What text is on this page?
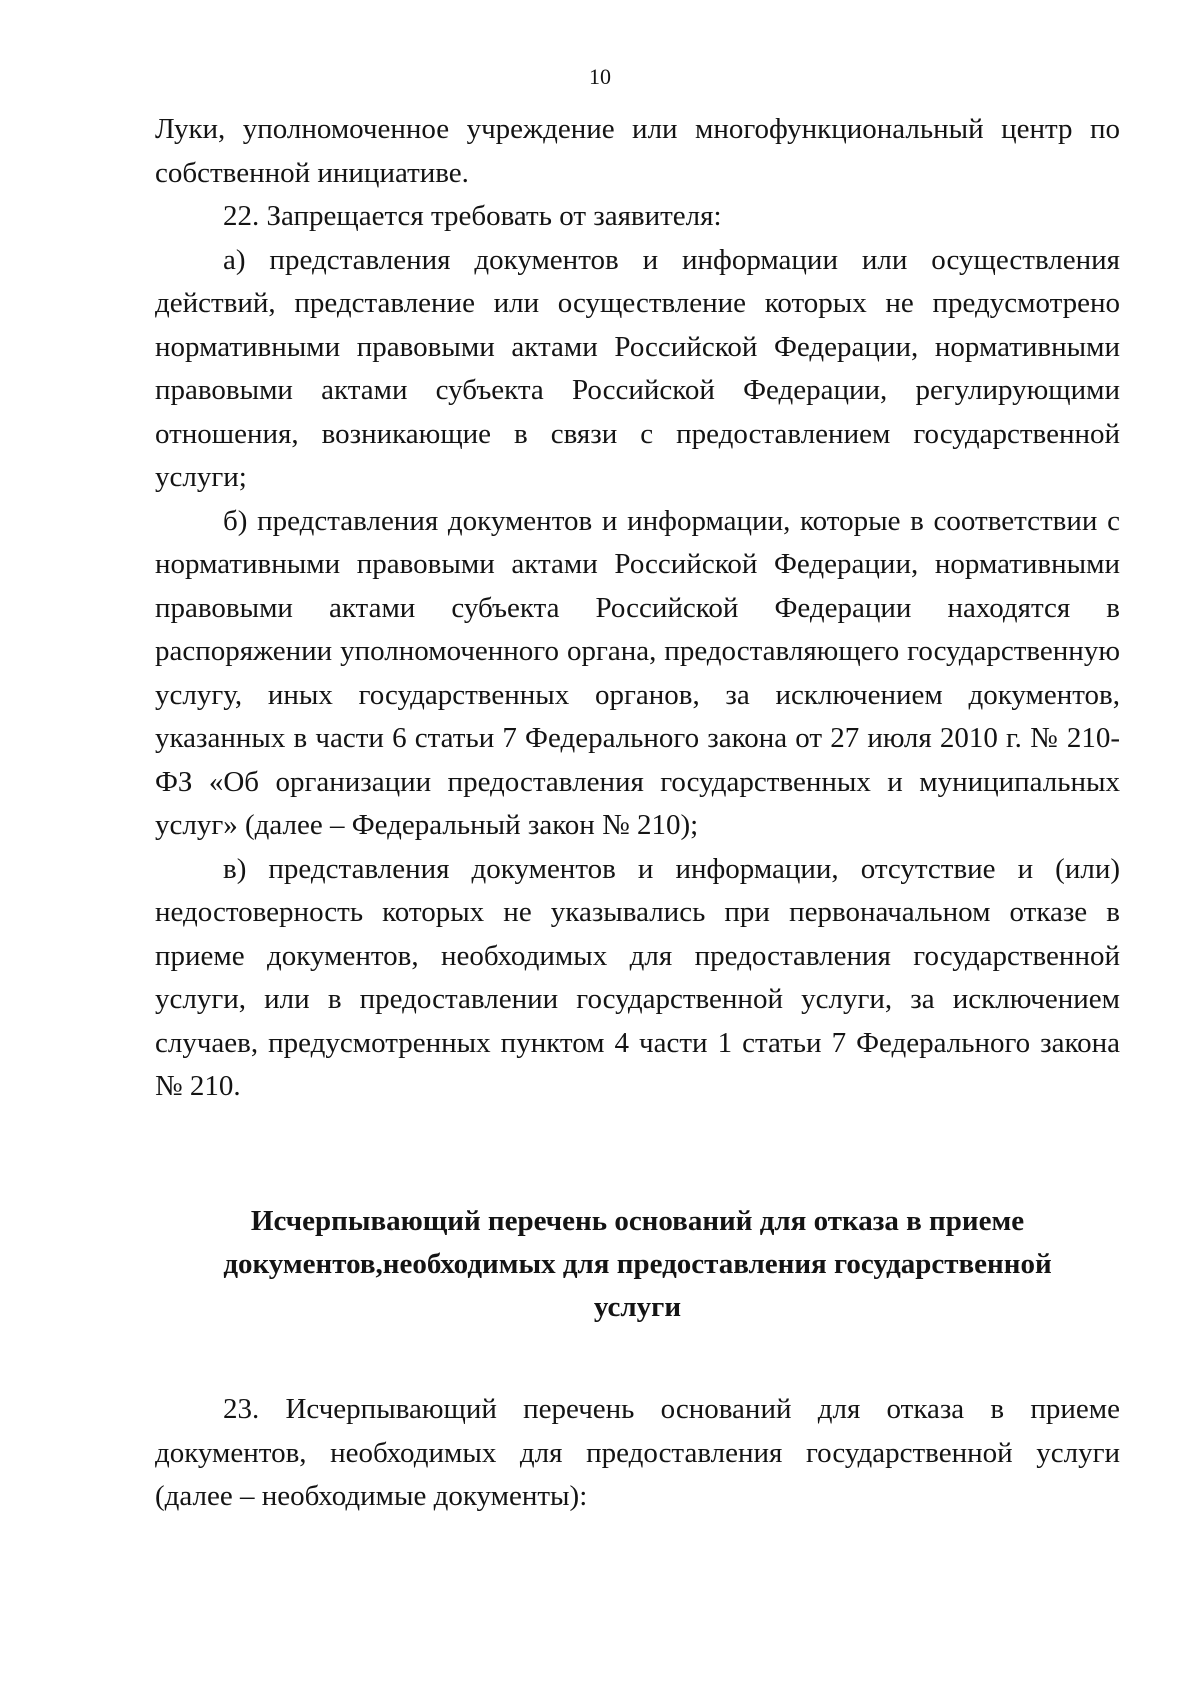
10

Луки, уполномоченное учреждение или многофункциональный центр по собственной инициативе.

22. Запрещается требовать от заявителя:

а) представления документов и информации или осуществления действий, представление или осуществление которых не предусмотрено нормативными правовыми актами Российской Федерации, нормативными правовыми актами субъекта Российской Федерации, регулирующими отношения, возникающие в связи с предоставлением государственной услуги;

б) представления документов и информации, которые в соответствии с нормативными правовыми актами Российской Федерации, нормативными правовыми актами субъекта Российской Федерации находятся в распоряжении уполномоченного органа, предоставляющего государственную услугу, иных государственных органов, за исключением документов, указанных в части 6 статьи 7 Федерального закона от 27 июля 2010 г. № 210-ФЗ «Об организации предоставления государственных и муниципальных услуг» (далее – Федеральный закон № 210);

в) представления документов и информации, отсутствие и (или) недостоверность которых не указывались при первоначальном отказе в приеме документов, необходимых для предоставления государственной услуги, или в предоставлении государственной услуги, за исключением случаев, предусмотренных пунктом 4 части 1 статьи 7 Федерального закона № 210.

Исчерпывающий перечень оснований для отказа в приеме
документов,необходимых для предоставления государственной
услуги

23. Исчерпывающий перечень оснований для отказа в приеме документов, необходимых для предоставления государственной услуги (далее – необходимые документы):
